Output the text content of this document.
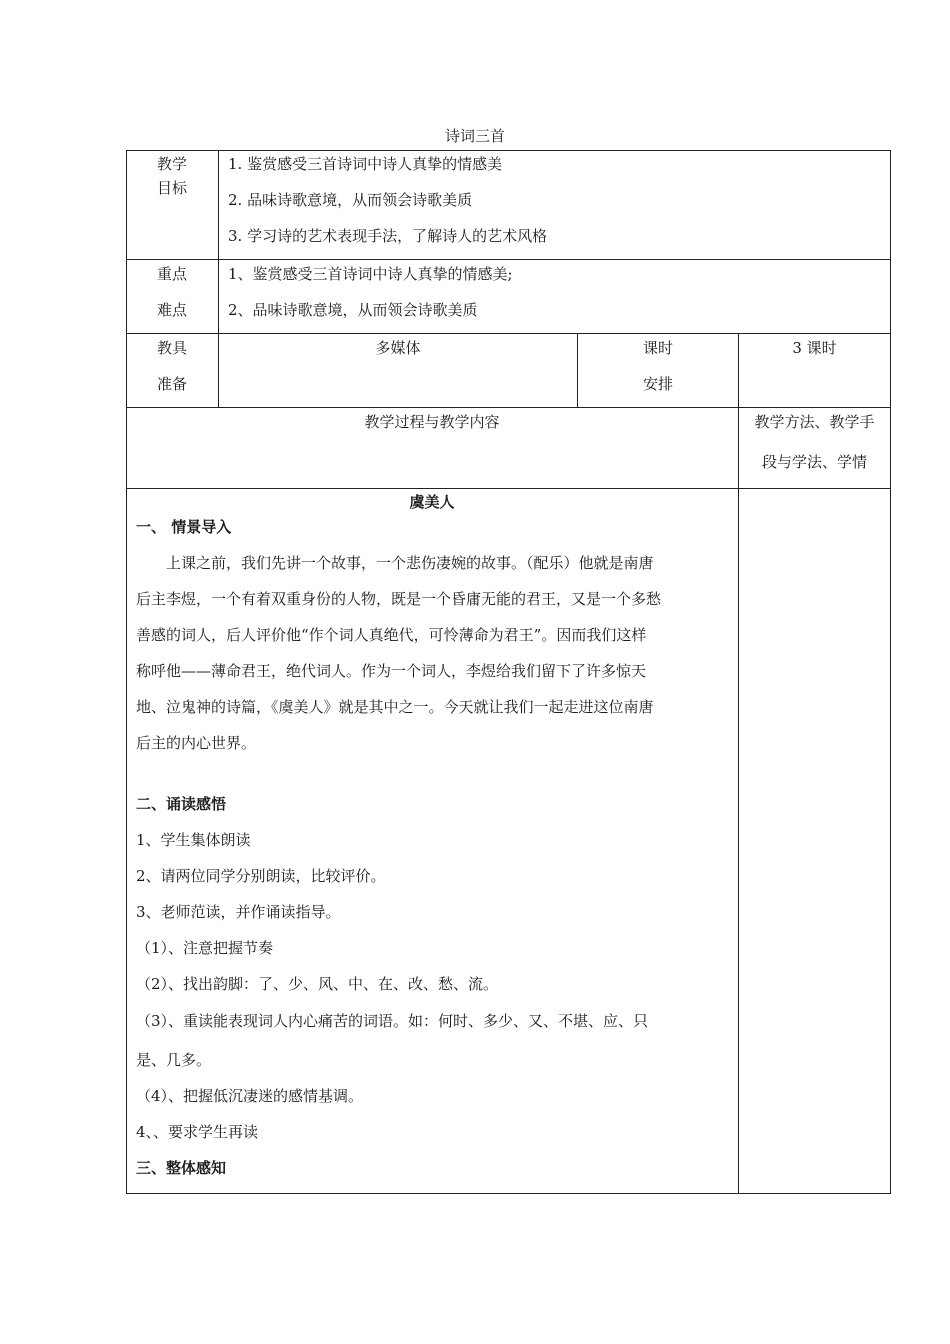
诗词三首
教学
目标
1. 鉴赏感受三首诗词中诗人真挚的情感美
2. 品味诗歌意境，从而领会诗歌美质
3. 学习诗的艺术表现手法，了解诗人的艺术风格
重点
难点
1、鉴赏感受三首诗词中诗人真挚的情感美;
2、品味诗歌意境，从而领会诗歌美质
教具
准备
多媒体	课时
安排
3 课时
教学过程与教学内容	教学方法、教学手
段与学法、学情
虞美人
一、 情景导入
上课之前，我们先讲一个故事，一个悲伤凄婉的故事。（配乐）他就是南唐
后主李煜，一个有着双重身份的人物，既是一个昏庸无能的君王，又是一个多愁
善感的词人，后人评价他“作个词人真绝代，可怜薄命为君王”。因而我们这样
称呼他——薄命君王，绝代词人。作为一个词人，李煜给我们留下了许多惊天
地、泣鬼神的诗篇，《虞美人》就是其中之一。今天就让我们一起走进这位南唐
后主的内心世界。
二、诵读感悟
1、学生集体朗读
2、请两位同学分别朗读，比较评价。
3、老师范读，并作诵读指导。
（1）、注意把握节奏
（2）、找出韵脚：了、少、风、中、在、改、愁、流。
（3）、重读能表现词人内心痛苦的词语。如：何时、多少、又、不堪、应、只
是、几多。
（4）、把握低沉凄迷的感情基调。
4、、要求学生再读
三、整体感知
